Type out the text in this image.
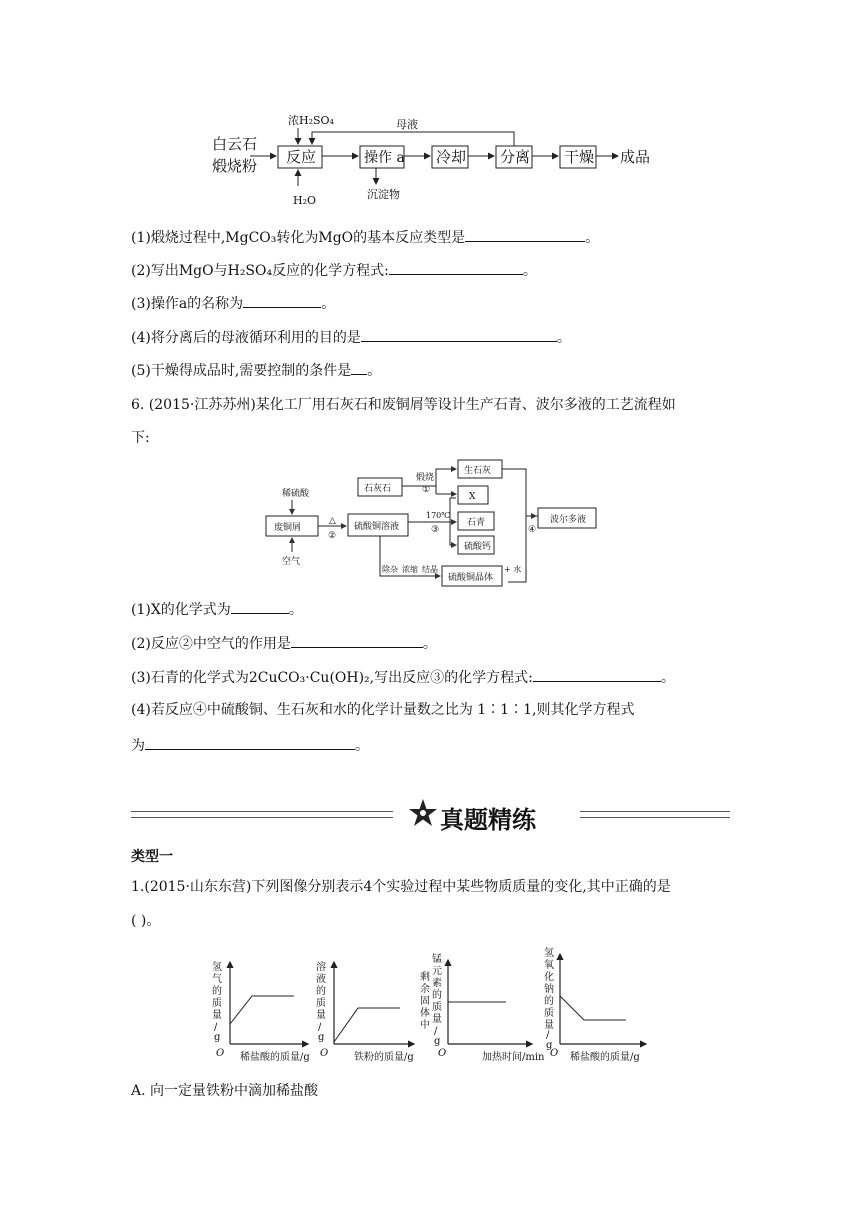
白云石
煅烧粉
浓H₂SO₄	母液
H₂O	沉淀物
反应	操作 a 冷却 分离 干燥 成品
(1)煅烧过程中,MgCO₃转化为MgO的基本反应类型是	。
(2)写出MgO与H₂SO₄反应的化学方程式:	。
(3)操作a的名称为	。
(4)将分离后的母液循环利用的目的是	。
(5)干燥得成品时,需要控制的条件是 。
6. (2015·江苏苏州)某化工厂用石灰石和废铜屑等设计生产石青、波尔多液的工艺流程如
下:
稀硫酸
废铜屑
空气
△
②
硫酸铜溶液
石灰石
煅烧
①
生石灰
X
170℃
③
石青
硫酸钙
④
波尔多液
除杂 浓缩 结晶
硫酸铜晶体
+ 水
(1)X的化学式为	。
(2)反应②中空气的作用是	。
(3)石青的化学式为2CuCO₃·Cu(OH)₂,写出反应③的化学方程式:	。
(4)若反应④中硫酸铜、生石灰和水的化学计量数之比为 1∶1∶1,则其化学方程式
为	。
真题精练
类型一
1.(2015·山东东营)下列图像分别表示4个实验过程中某些物质质量的变化,其中正确的是
( )。
O 稀盐酸的质量/g
氢气的质量/ g
O	铁粉的质量/g
溶液的质量/ g
O	加热时间/min
剩余固体中
锰元素的质量/ g
O 稀盐酸的质量/g
氢氧化钠的质量/ g
A. 向一定量铁粉中滴加稀盐酸
